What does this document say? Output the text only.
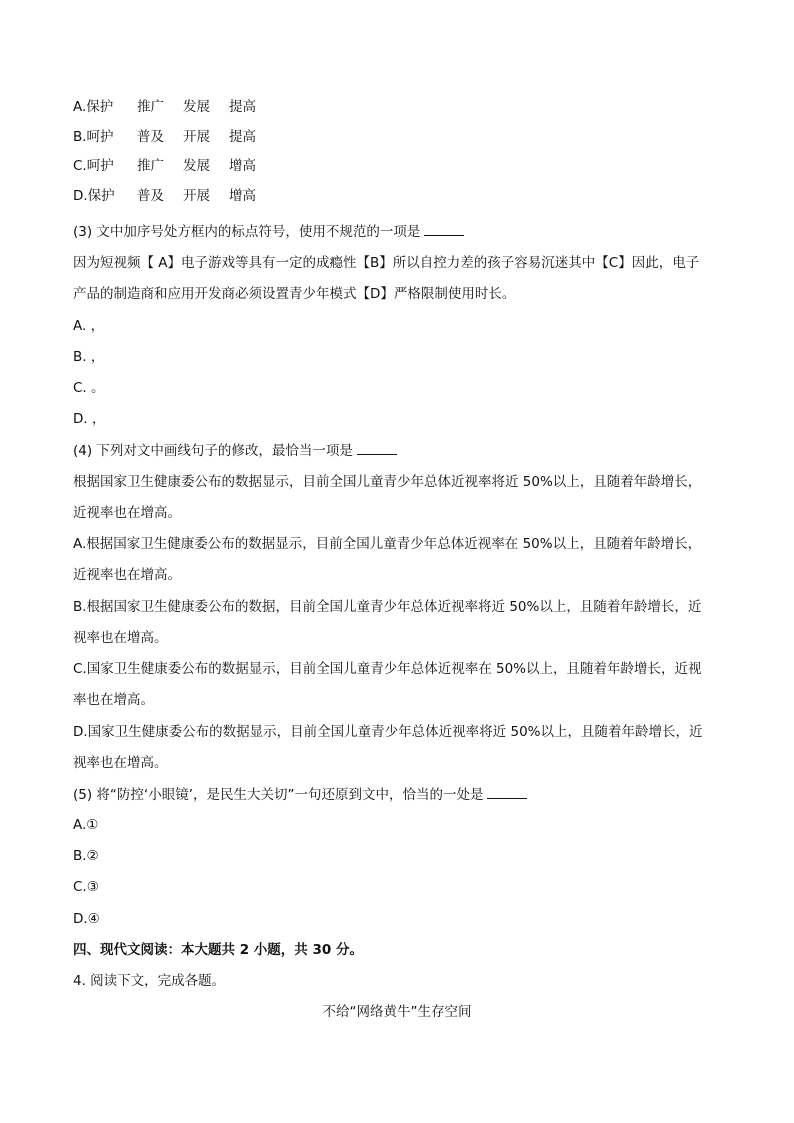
A.保护 推广 发展 提高
B.呵护 普及 开展 提高
C.呵护 推广 发展 增高
D.保护 普及 开展 增高
(3) 文中加序号处方框内的标点符号，使用不规范的一项是
因为短视频【 A】电子游戏等具有一定的成瘾性【B】所以自控力差的孩子容易沉迷其中【C】因此，电子
产品的制造商和应用开发商必须设置青少年模式【D】严格限制使用时长。
A. ，
B. ，
C. 。
D. ，
(4) 下列对文中画线句子的修改，最恰当一项是
根据国家卫生健康委公布的数据显示，目前全国儿童青少年总体近视率将近 50%以上，且随着年龄增长，
近视率也在增高。
A.根据国家卫生健康委公布的数据显示，目前全国儿童青少年总体近视率在 50%以上，且随着年龄增长，
近视率也在增高。
B.根据国家卫生健康委公布的数据，目前全国儿童青少年总体近视率将近 50%以上，且随着年龄增长，近
视率也在增高。
C.国家卫生健康委公布的数据显示，目前全国儿童青少年总体近视率在 50%以上，且随着年龄增长，近视
率也在增高。
D.国家卫生健康委公布的数据显示，目前全国儿童青少年总体近视率将近 50%以上，且随着年龄增长，近
视率也在增高。
(5) 将“防控‘小眼镜’，是民生大关切”一句还原到文中，恰当的一处是
A.①
B.②
C.③
D.④
四、现代文阅读：本大题共 2 小题，共 30 分。
4. 阅读下文，完成各题。
不给“网络黄牛”生存空间
